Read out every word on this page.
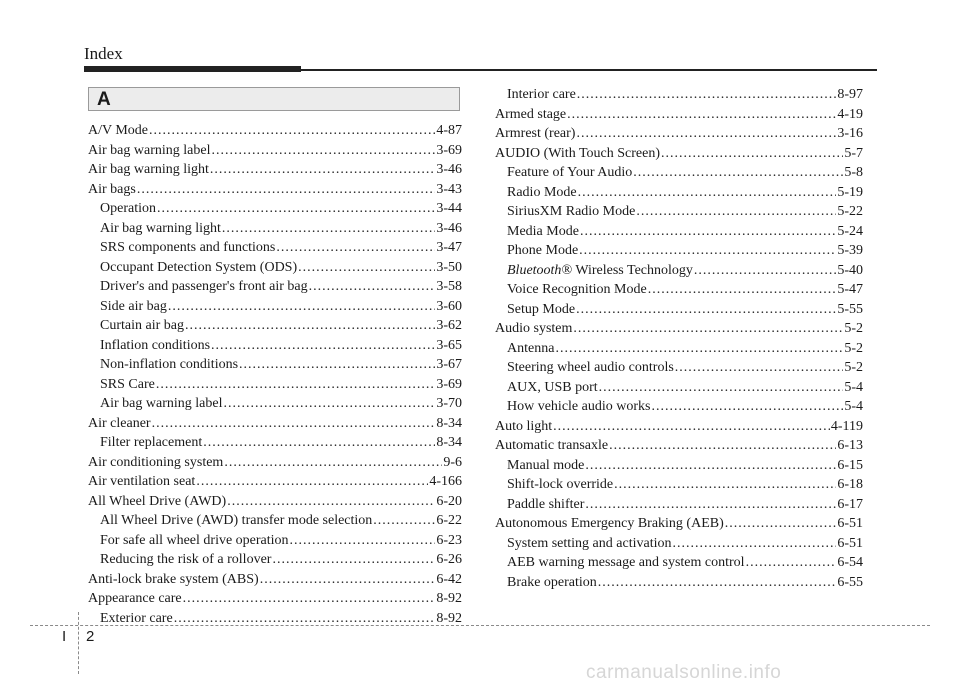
Index
A
A/V Mode .....	4-87
Air bag warning label .....	3-69
Air bag warning light .....	3-46
Air bags .....	3-43
Operation .....	3-44
Air bag warning light .....	3-46
SRS components and functions .....	3-47
Occupant Detection System (ODS) .....	3-50
Driver's and passenger's front air bag .....	3-58
Side air bag .....	3-60
Curtain air bag .....	3-62
Inflation conditions .....	3-65
Non-inflation conditions .....	3-67
SRS Care .....	3-69
Air bag warning label .....	3-70
Air cleaner .....	8-34
Filter replacement .....	8-34
Air conditioning system .....	9-6
Air ventilation seat .....	4-166
All Wheel Drive (AWD) .....	6-20
All Wheel Drive (AWD) transfer mode selection .....	6-22
For safe all wheel drive operation .....	6-23
Reducing the risk of a rollover .....	6-26
Anti-lock brake system (ABS) .....	6-42
Appearance care .....	8-92
Exterior care .....	8-92
Interior care .....	8-97
Armed stage .....	4-19
Armrest (rear) .....	3-16
AUDIO (With Touch Screen) .....	5-7
Feature of Your Audio .....	5-8
Radio Mode .....	5-19
SiriusXM Radio Mode .....	5-22
Media Mode .....	5-24
Phone Mode .....	5-39
Bluetooth® Wireless Technology .....	5-40
Voice Recognition Mode .....	5-47
Setup Mode .....	5-55
Audio system .....	5-2
Antenna .....	5-2
Steering wheel audio controls .....	5-2
AUX, USB port .....	5-4
How vehicle audio works .....	5-4
Auto light .....	4-119
Automatic transaxle .....	6-13
Manual mode .....	6-15
Shift-lock override .....	6-18
Paddle shifter .....	6-17
Autonomous Emergency Braking (AEB) .....	6-51
System setting and activation .....	6-51
AEB warning message and system control .....	6-54
Brake operation .....	6-55
I 2
carmanualsonline.info
